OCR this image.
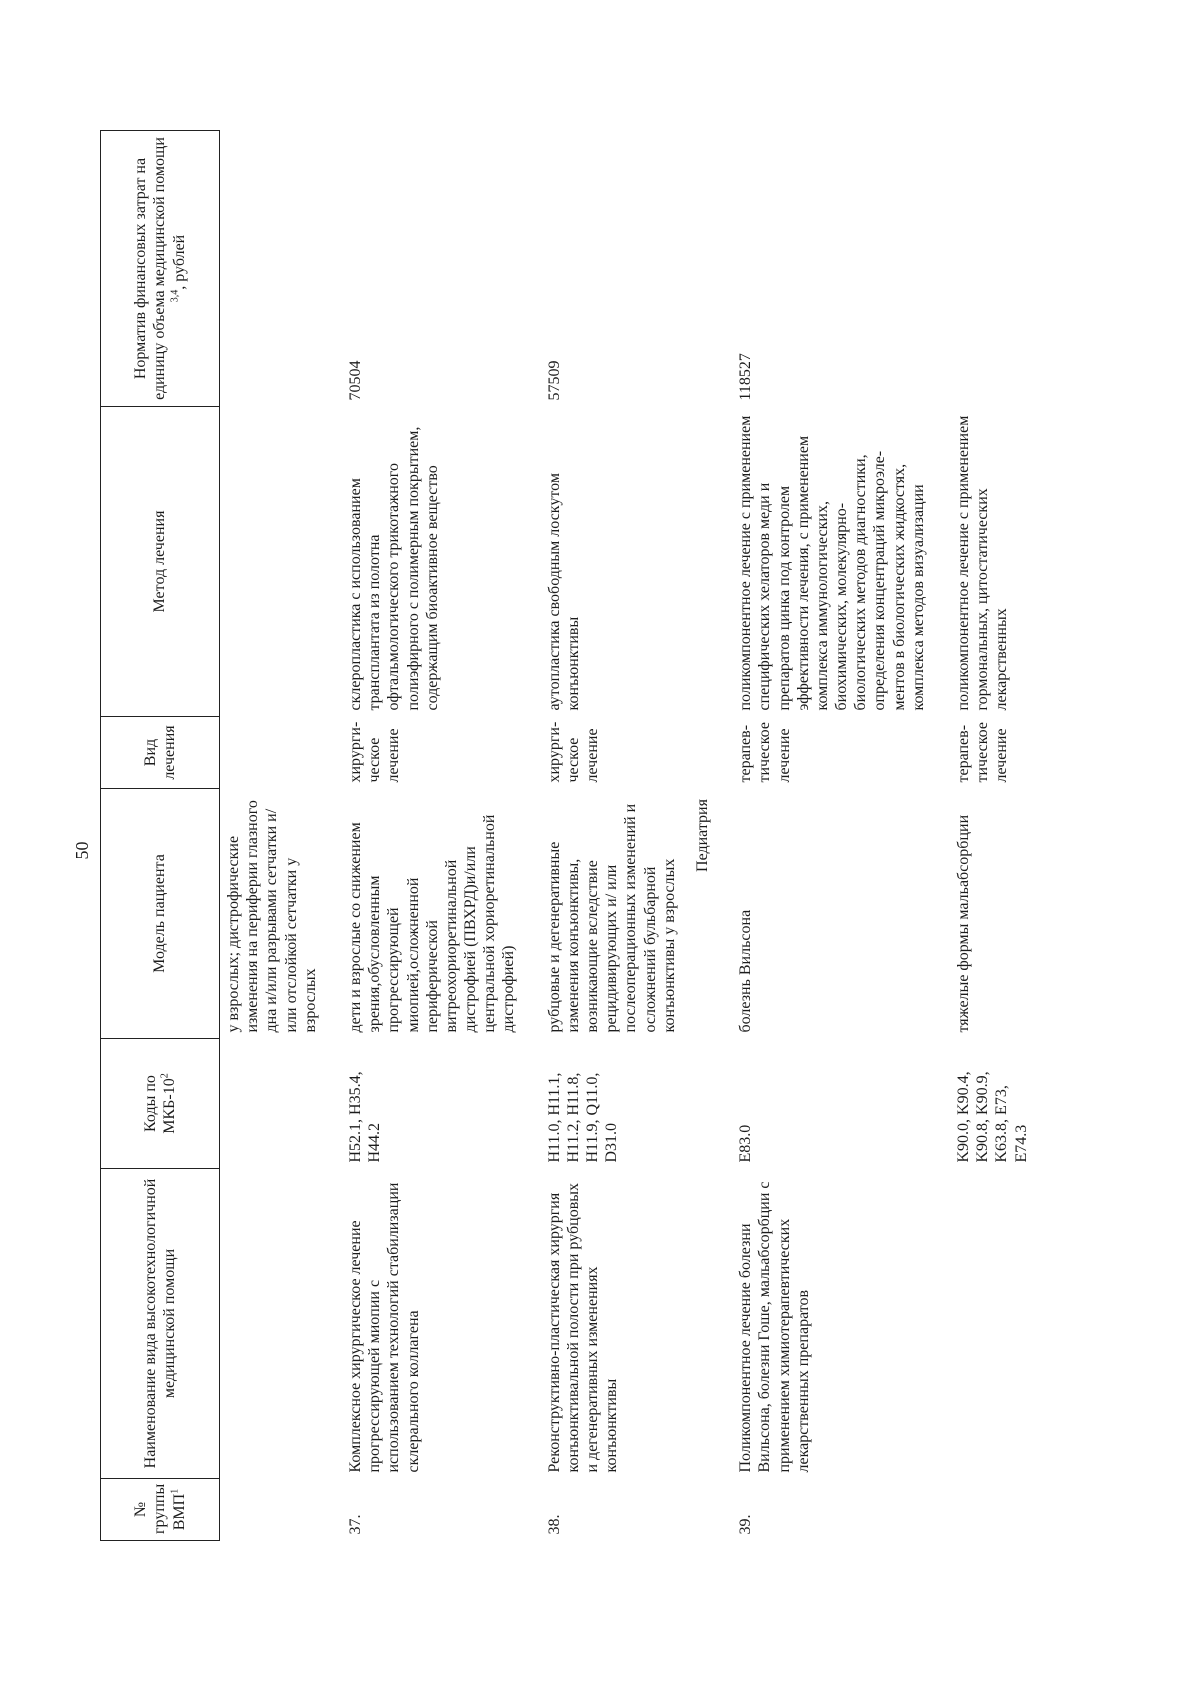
50
№ группы ВМП$^1$	Наименование вида высокотехнологичной медицинской помощи	Коды по МКБ-$10^2$	Модель пациента	Вид лечения	Метод лечения	Норматив финансовых затрат на единицу объема медицинской помощи $^{3,4}$, рублей
			у взрослых; дистрофические изменения на периферии глазного дна и/или разрывами сетчатки и/или отслойкой сетчатки у взрослых			
37.	Комплексное хирургическое лечение прогрессирующей миопии с использованием технологий стабилизации склерального коллагена	H52.1, H35.4, H44.2	дети и взрослые со снижением зрения,обусловленным прогрессирующей миопией,осложненной периферической витреохориоретинальной дистрофией (ПВХРД)и/или центральной хориоретинальной дистрофией)	хирурги-ческое лечение	склеропластика с использованием трансплантата из полотна офтальмологического трикотажного полиэфирного с полимерным покрытием, содержащим биоактивное вещество	70504
38.	Реконструктивно-пластическая хирургия конъюнктивальной полости при рубцовых и дегенеративных изменениях конъюнктивы	H11.0, H11.1, H11.2, H11.8, H11.9, Q11.0, D31.0	рубцовые и дегенеративные изменения конъюнктивы, возникающие вследствие рецидивирующих и/ или послеоперационных изменений и осложнений бульбарной конъюнктивы у взрослых	хирурги-ческое лечение	аутопластика свободным лоскутом конъюнктивы	57509
Педиатрия						
39.	Поликомпонентное лечение болезни Вильсона, болезни Гоше, мальабсорбции с применением химиотерапевтических лекарственных препаратов	E83.0	болезнь Вильсона	терапев-тическое лечение	поликомпонентное лечение с применением специфических хелаторов меди и препаратов цинка под контролем эффективности лечения, с применением комплекса иммунологических, биохимических, молекулярно-биологических методов диагностики, определения концентраций микроэле-ментов в биологических жидкостях, комплекса методов визуализации	118527
		K90.0, K90.4, K90.8, K90.9, K63.8, E73, E74.3	тяжелые формы мальабсорбции	терапев-тическое лечение	поликомпонентное лечение с применением гормональных, цитостатических лекарственных	
